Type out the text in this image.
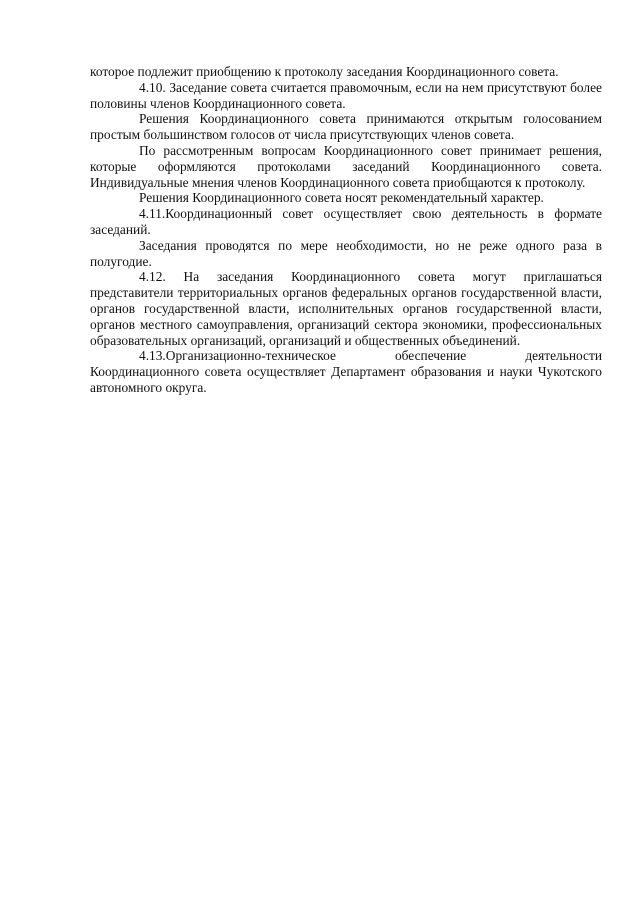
которое подлежит приобщению к протоколу заседания Координационного совета.

4.10. Заседание совета считается правомочным, если на нем присутствуют более половины членов Координационного совета.

Решения Координационного совета принимаются открытым голосованием простым большинством голосов от числа присутствующих членов совета.

По рассмотренным вопросам Координационного совет принимает решения, которые оформляются протоколами заседаний Координационного совета. Индивидуальные мнения членов Координационного совета приобщаются к протоколу.

Решения Координационного совета носят рекомендательный характер.

4.11.Координационный совет осуществляет свою деятельность в формате заседаний.

Заседания проводятся по мере необходимости, но не реже одного раза в полугодие.

4.12. На заседания Координационного совета могут приглашаться представители территориальных органов федеральных органов государственной власти, органов государственной власти, исполнительных органов государственной власти, органов местного самоуправления, организаций сектора экономики, профессиональных образовательных организаций, организаций и общественных объединений.

4.13.Организационно-техническое обеспечение деятельности Координационного совета осуществляет Департамент образования и науки Чукотского автономного округа.
